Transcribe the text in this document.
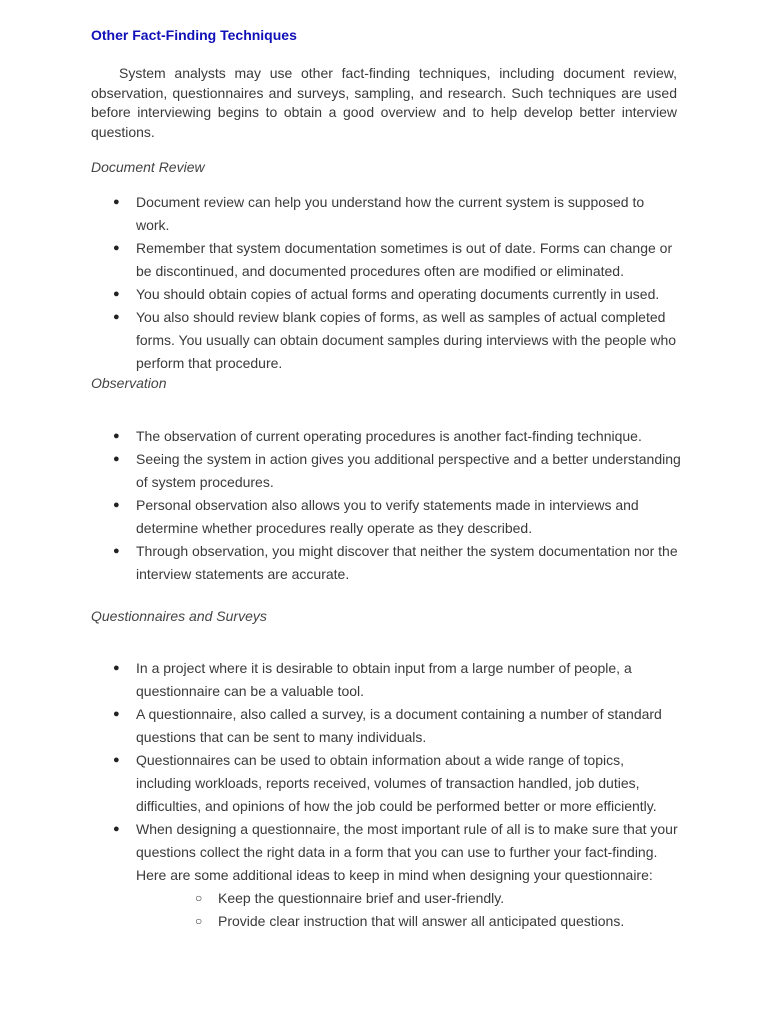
Other Fact-Finding Techniques

System analysts may use other fact-finding techniques, including document review, observation, questionnaires and surveys, sampling, and research. Such techniques are used before interviewing begins to obtain a good overview and to help develop better interview questions.

Document Review
● Document review can help you understand how the current system is supposed to work.
● Remember that system documentation sometimes is out of date. Forms can change or be discontinued, and documented procedures often are modified or eliminated.
● You should obtain copies of actual forms and operating documents currently in used.
● You also should review blank copies of forms, as well as samples of actual completed forms. You usually can obtain document samples during interviews with the people who perform that procedure.
Observation
● The observation of current operating procedures is another fact-finding technique.
● Seeing the system in action gives you additional perspective and a better understanding of system procedures.
● Personal observation also allows you to verify statements made in interviews and determine whether procedures really operate as they described.
● Through observation, you might discover that neither the system documentation nor the interview statements are accurate.
Questionnaires and Surveys
● In a project where it is desirable to obtain input from a large number of people, a questionnaire can be a valuable tool.
● A questionnaire, also called a survey, is a document containing a number of standard questions that can be sent to many individuals.
● Questionnaires can be used to obtain information about a wide range of topics, including workloads, reports received, volumes of transaction handled, job duties, difficulties, and opinions of how the job could be performed better or more efficiently.
● When designing a questionnaire, the most important rule of all is to make sure that your questions collect the right data in a form that you can use to further your fact-finding. Here are some additional ideas to keep in mind when designing your questionnaire:
○ Keep the questionnaire brief and user-friendly.
○ Provide clear instruction that will answer all anticipated questions.
